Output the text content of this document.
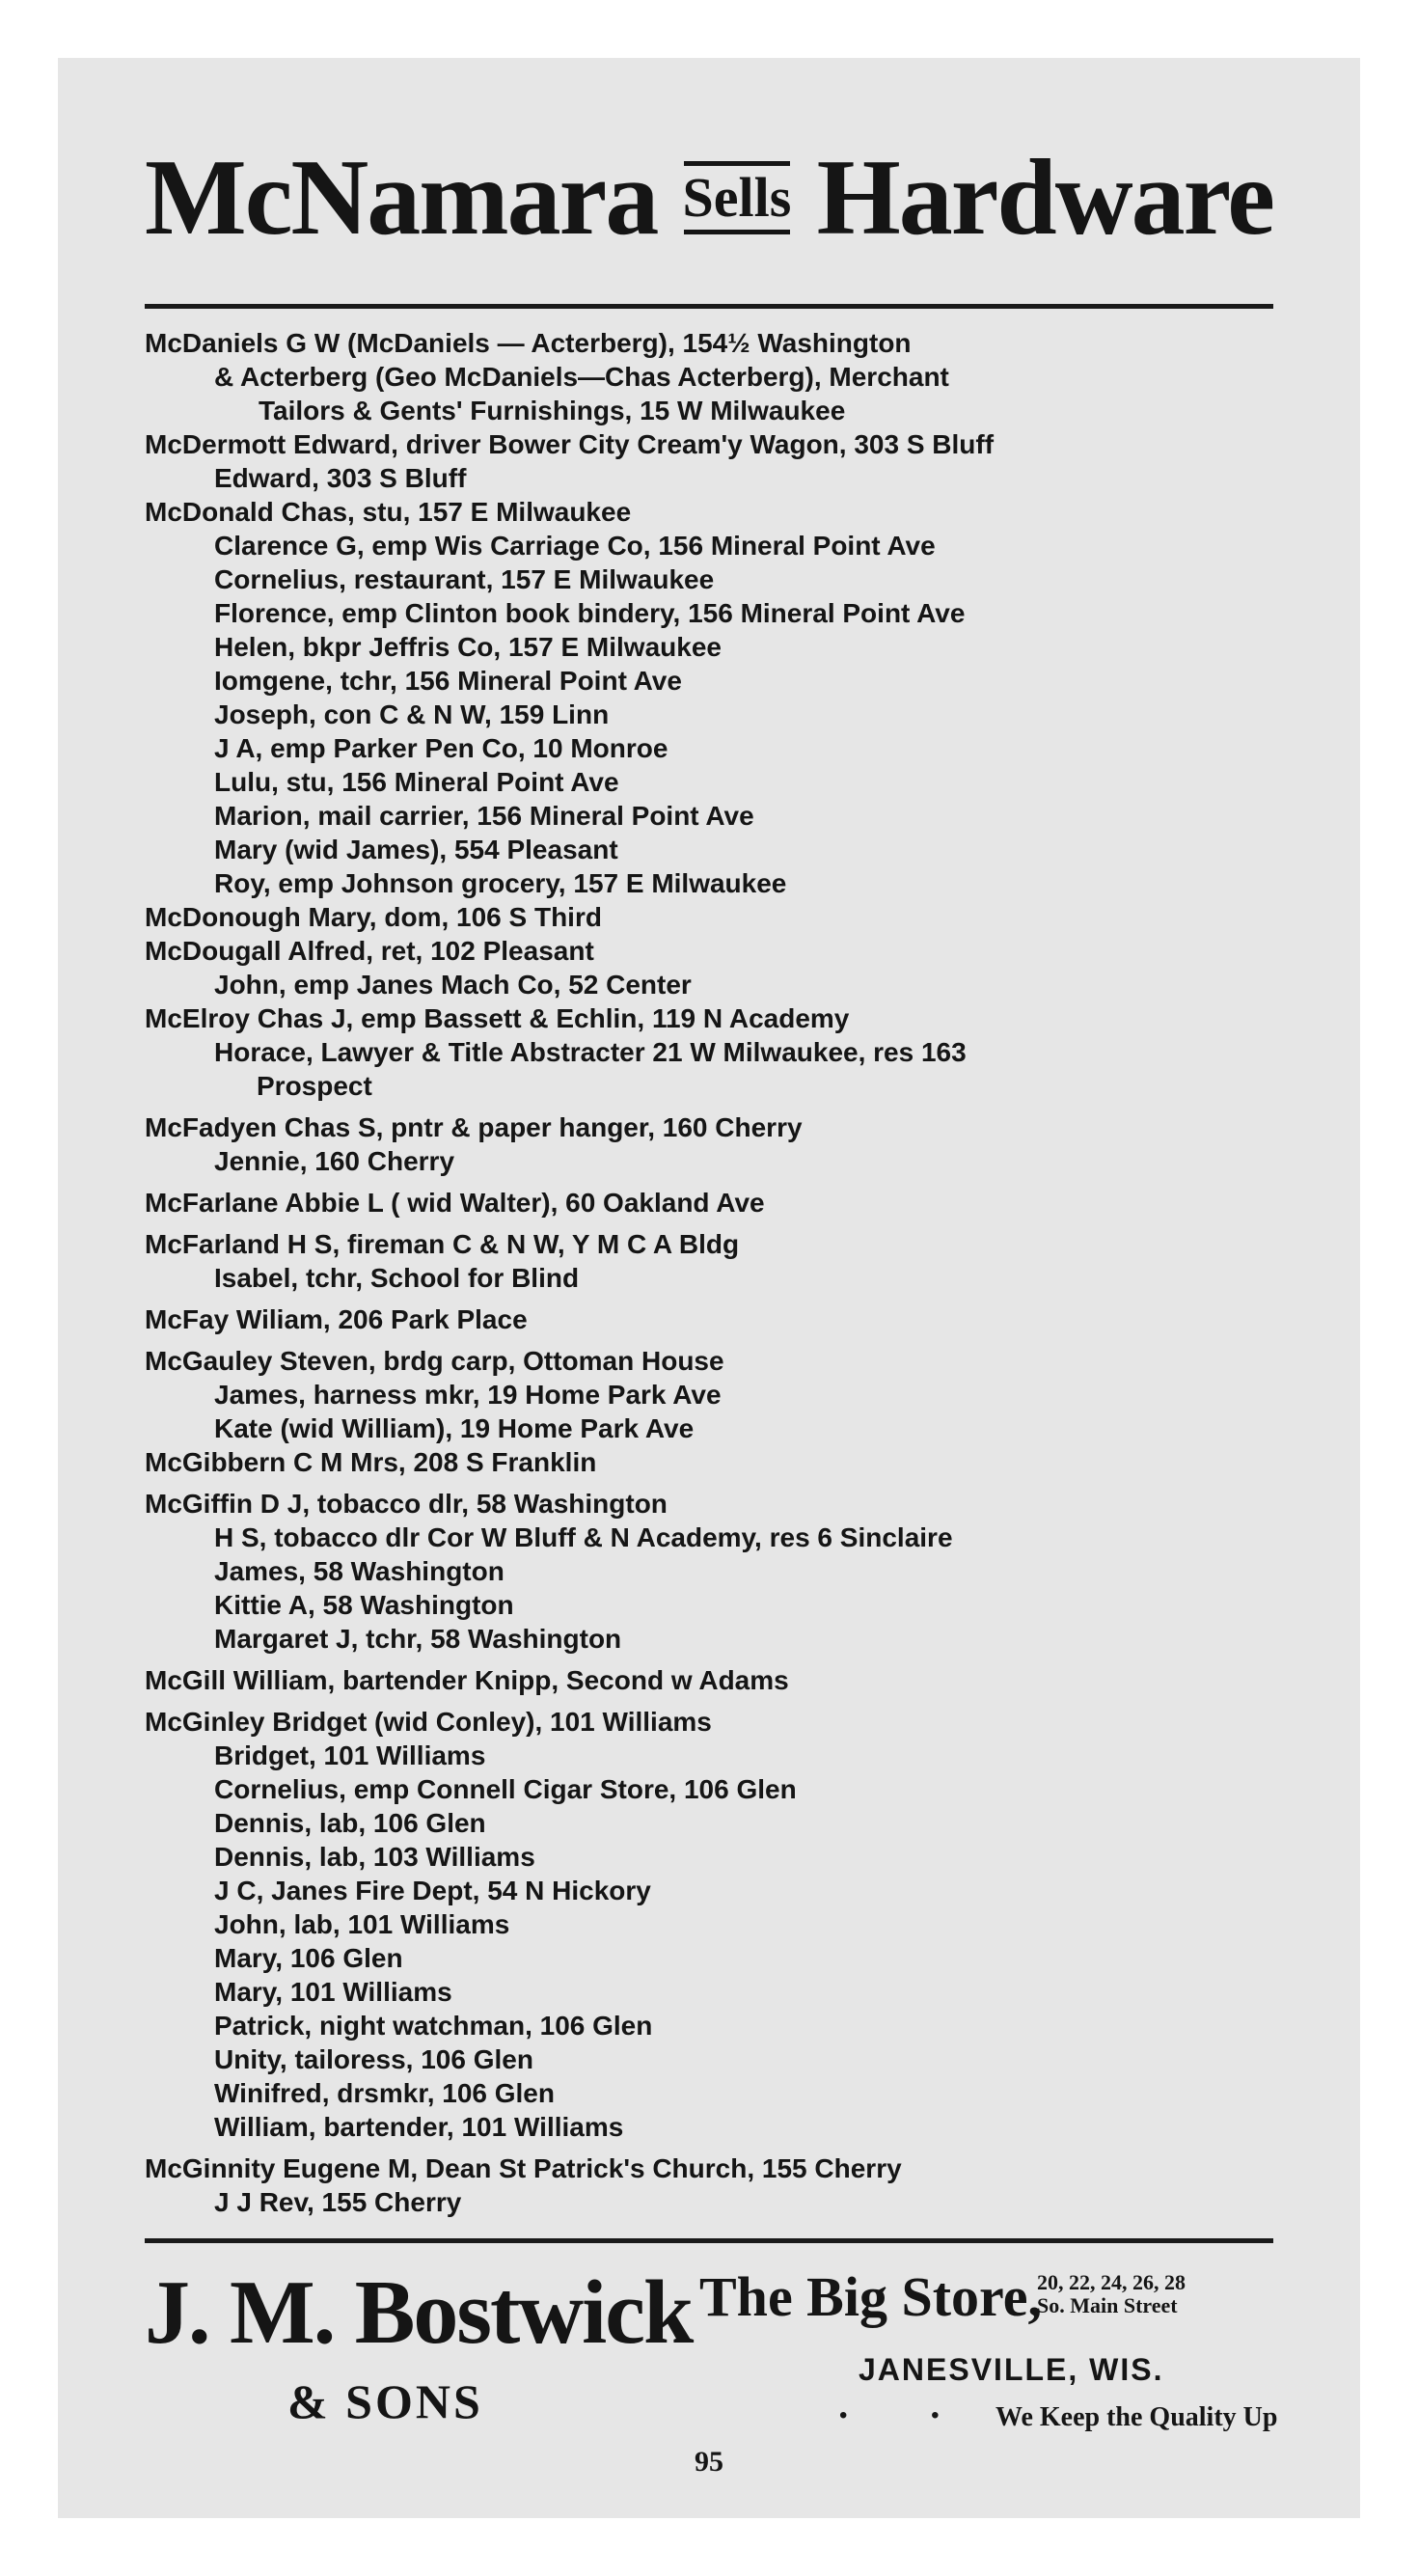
McNamara Sells Hardware
McDaniels G W (McDaniels — Acterberg), 154½ Washington
& Acterberg (Geo McDaniels—Chas Acterberg), Merchant
Tailors & Gents' Furnishings, 15 W Milwaukee
McDermott Edward, driver Bower City Cream'y Wagon, 303 S Bluff
Edward, 303 S Bluff
McDonald Chas, stu, 157 E Milwaukee
Clarence G, emp Wis Carriage Co, 156 Mineral Point Ave
Cornelius, restaurant, 157 E Milwaukee
Florence, emp Clinton book bindery, 156 Mineral Point Ave
Helen, bkpr Jeffris Co, 157 E Milwaukee
Iomgene, tchr, 156 Mineral Point Ave
Joseph, con C & N W, 159 Linn
J A, emp Parker Pen Co, 10 Monroe
Lulu, stu, 156 Mineral Point Ave
Marion, mail carrier, 156 Mineral Point Ave
Mary (wid James), 554 Pleasant
Roy, emp Johnson grocery, 157 E Milwaukee
McDonough Mary, dom, 106 S Third
McDougall Alfred, ret, 102 Pleasant
John, emp Janes Mach Co, 52 Center
McElroy Chas J, emp Bassett & Echlin, 119 N Academy
Horace, Lawyer & Title Abstracter 21 W Milwaukee, res 163
Prospect
McFadyen Chas S, pntr & paper hanger, 160 Cherry
Jennie, 160 Cherry
McFarlane Abbie L ( wid Walter), 60 Oakland Ave
McFarland H S, fireman C & N W, Y M C A Bldg
Isabel, tchr, School for Blind
McFay Wiliam, 206 Park Place
McGauley Steven, brdg carp, Ottoman House
James, harness mkr, 19 Home Park Ave
Kate (wid William), 19 Home Park Ave
McGibbern C M Mrs, 208 S Franklin
McGiffin D J, tobacco dlr, 58 Washington
H S, tobacco dlr Cor W Bluff & N Academy, res 6 Sinclaire
James, 58 Washington
Kittie A, 58 Washington
Margaret J, tchr, 58 Washington
McGill William, bartender Knipp, Second w Adams
McGinley Bridget (wid Conley), 101 Williams
Bridget, 101 Williams
Cornelius, emp Connell Cigar Store, 106 Glen
Dennis, lab, 106 Glen
Dennis, lab, 103 Williams
J C, Janes Fire Dept, 54 N Hickory
John, lab, 101 Williams
Mary, 106 Glen
Mary, 101 Williams
Patrick, night watchman, 106 Glen
Unity, tailoress, 106 Glen
Winifred, drsmkr, 106 Glen
William, bartender, 101 Williams
McGinnity Eugene M, Dean St Patrick's Church, 155 Cherry
J J Rev, 155 Cherry
J. M. Bostwick
& SONS
The Big Store,
20, 22, 24, 26, 28
So. Main Street
JANESVILLE, WIS.
• • We Keep the Quality Up
95
